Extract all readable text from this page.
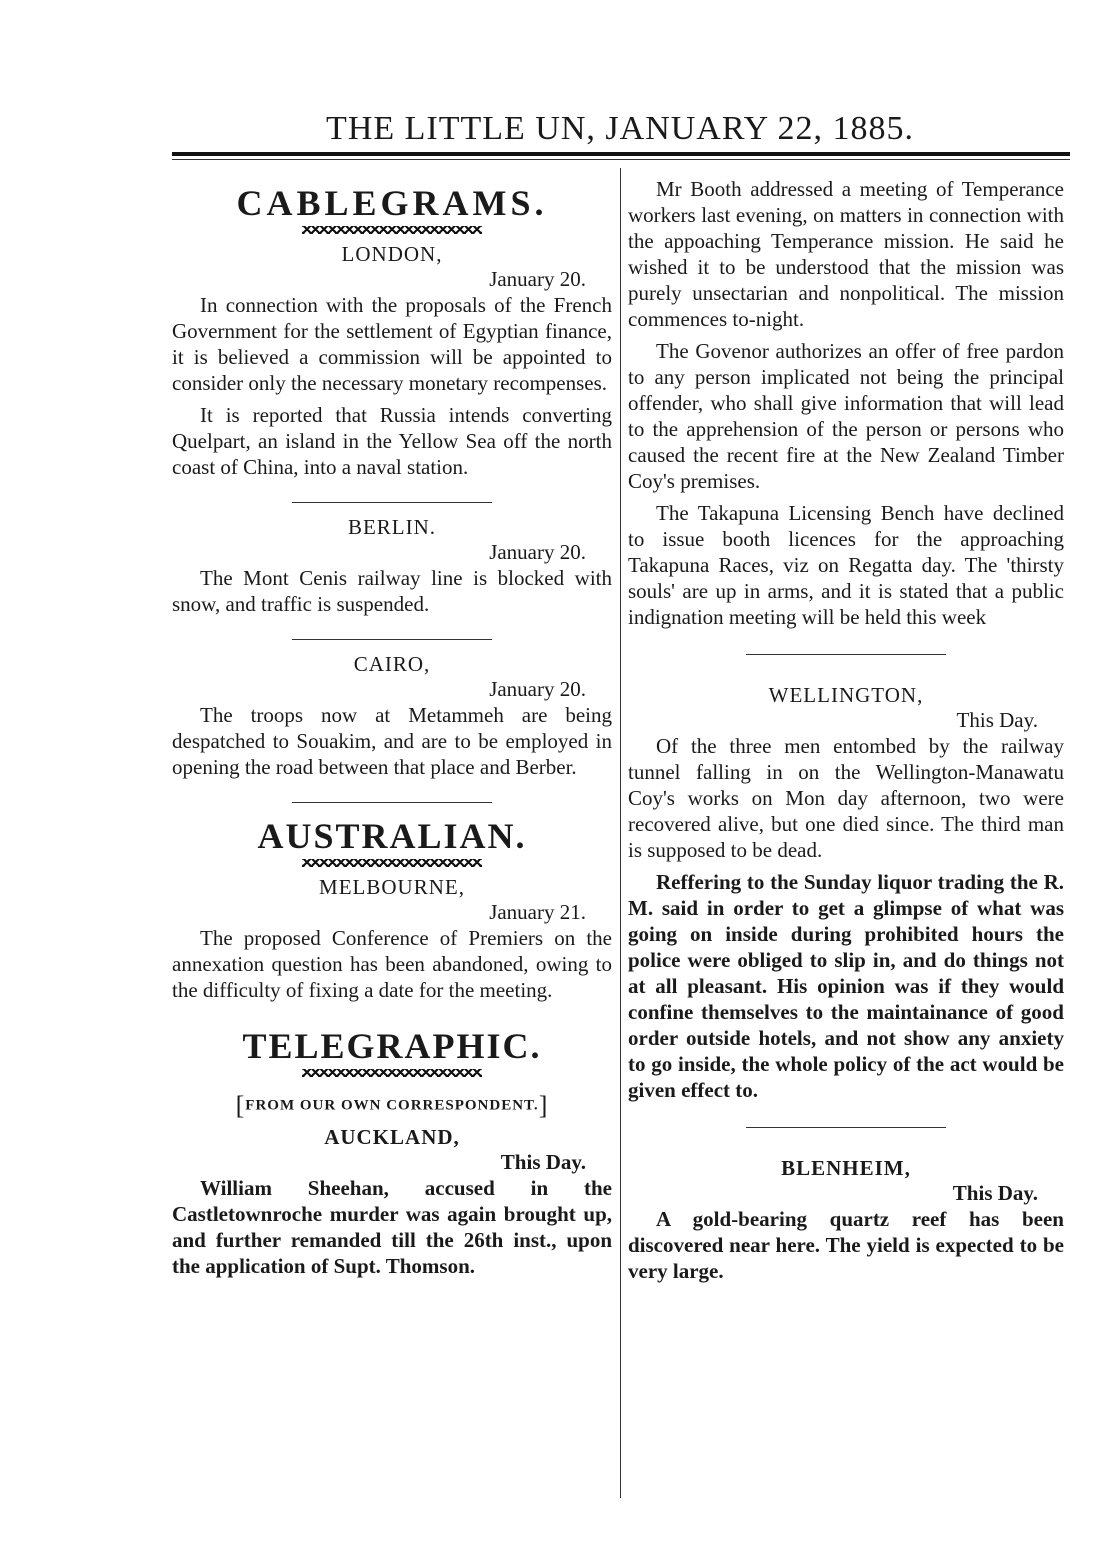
THE LITTLE UN, JANUARY 22, 1885.
CABLEGRAMS.
LONDON,
January 20.

In connection with the proposals of the French Government for the settlement of Egyptian finance, it is believed a commission will be appointed to consider only the necessary monetary recompenses.

It is reported that Russia intends converting Quelpart, an island in the Yellow Sea off the north coast of China, into a naval station.

BERLIN.
January 20.

The Mont Cenis railway line is blocked with snow, and traffic is suspended.

CAIRO,
January 20.

The troops now at Metammeh are being despatched to Souakim, and are to be employed in opening the road between that place and Berber.

AUSTRALIAN.
MELBOURNE,
January 21.

The proposed Conference of Premiers on the annexation question has been abandoned, owing to the difficulty of fixing a date for the meeting.

TELEGRAPHIC.
[FROM OUR OWN CORRESPONDENT.]
AUCKLAND,
This Day.

William Sheehan, accused in the Castletownroche murder was again brought up, and further remanded till the 26th inst., upon the application of Supt. Thomson.

Mr Booth addressed a meeting of Temperance workers last evening, on matters in connection with the appoaching Temperance mission. He said he wished it to be understood that the mission was purely unsectarian and nonpolitical. The mission commences to-night.

The Govenor authorizes an offer of free pardon to any person implicated not being the principal offender, who shall give information that will lead to the apprehension of the person or persons who caused the recent fire at the New Zealand Timber Coy's premises.

The Takapuna Licensing Bench have declined to issue booth licences for the approaching Takapuna Races, viz on Regatta day. The 'thirsty souls' are up in arms, and it is stated that a public indignation meeting will be held this week

WELLINGTON,
This Day.

Of the three men entombed by the railway tunnel falling in on the Wellington-Manawatu Coy's works on Mon day afternoon, two were recovered alive, but one died since. The third man is supposed to be dead.

Reffering to the Sunday liquor trading the R. M. said in order to get a glimpse of what was going on inside during prohibited hours the police were obliged to slip in, and do things not at all pleasant. His opinion was if they would confine themselves to the maintainance of good order outside hotels, and not show any anxiety to go inside, the whole policy of the act would be given effect to.

BLENHEIM,
This Day.

A gold-bearing quartz reef has been discovered near here. The yield is expected to be very large.
